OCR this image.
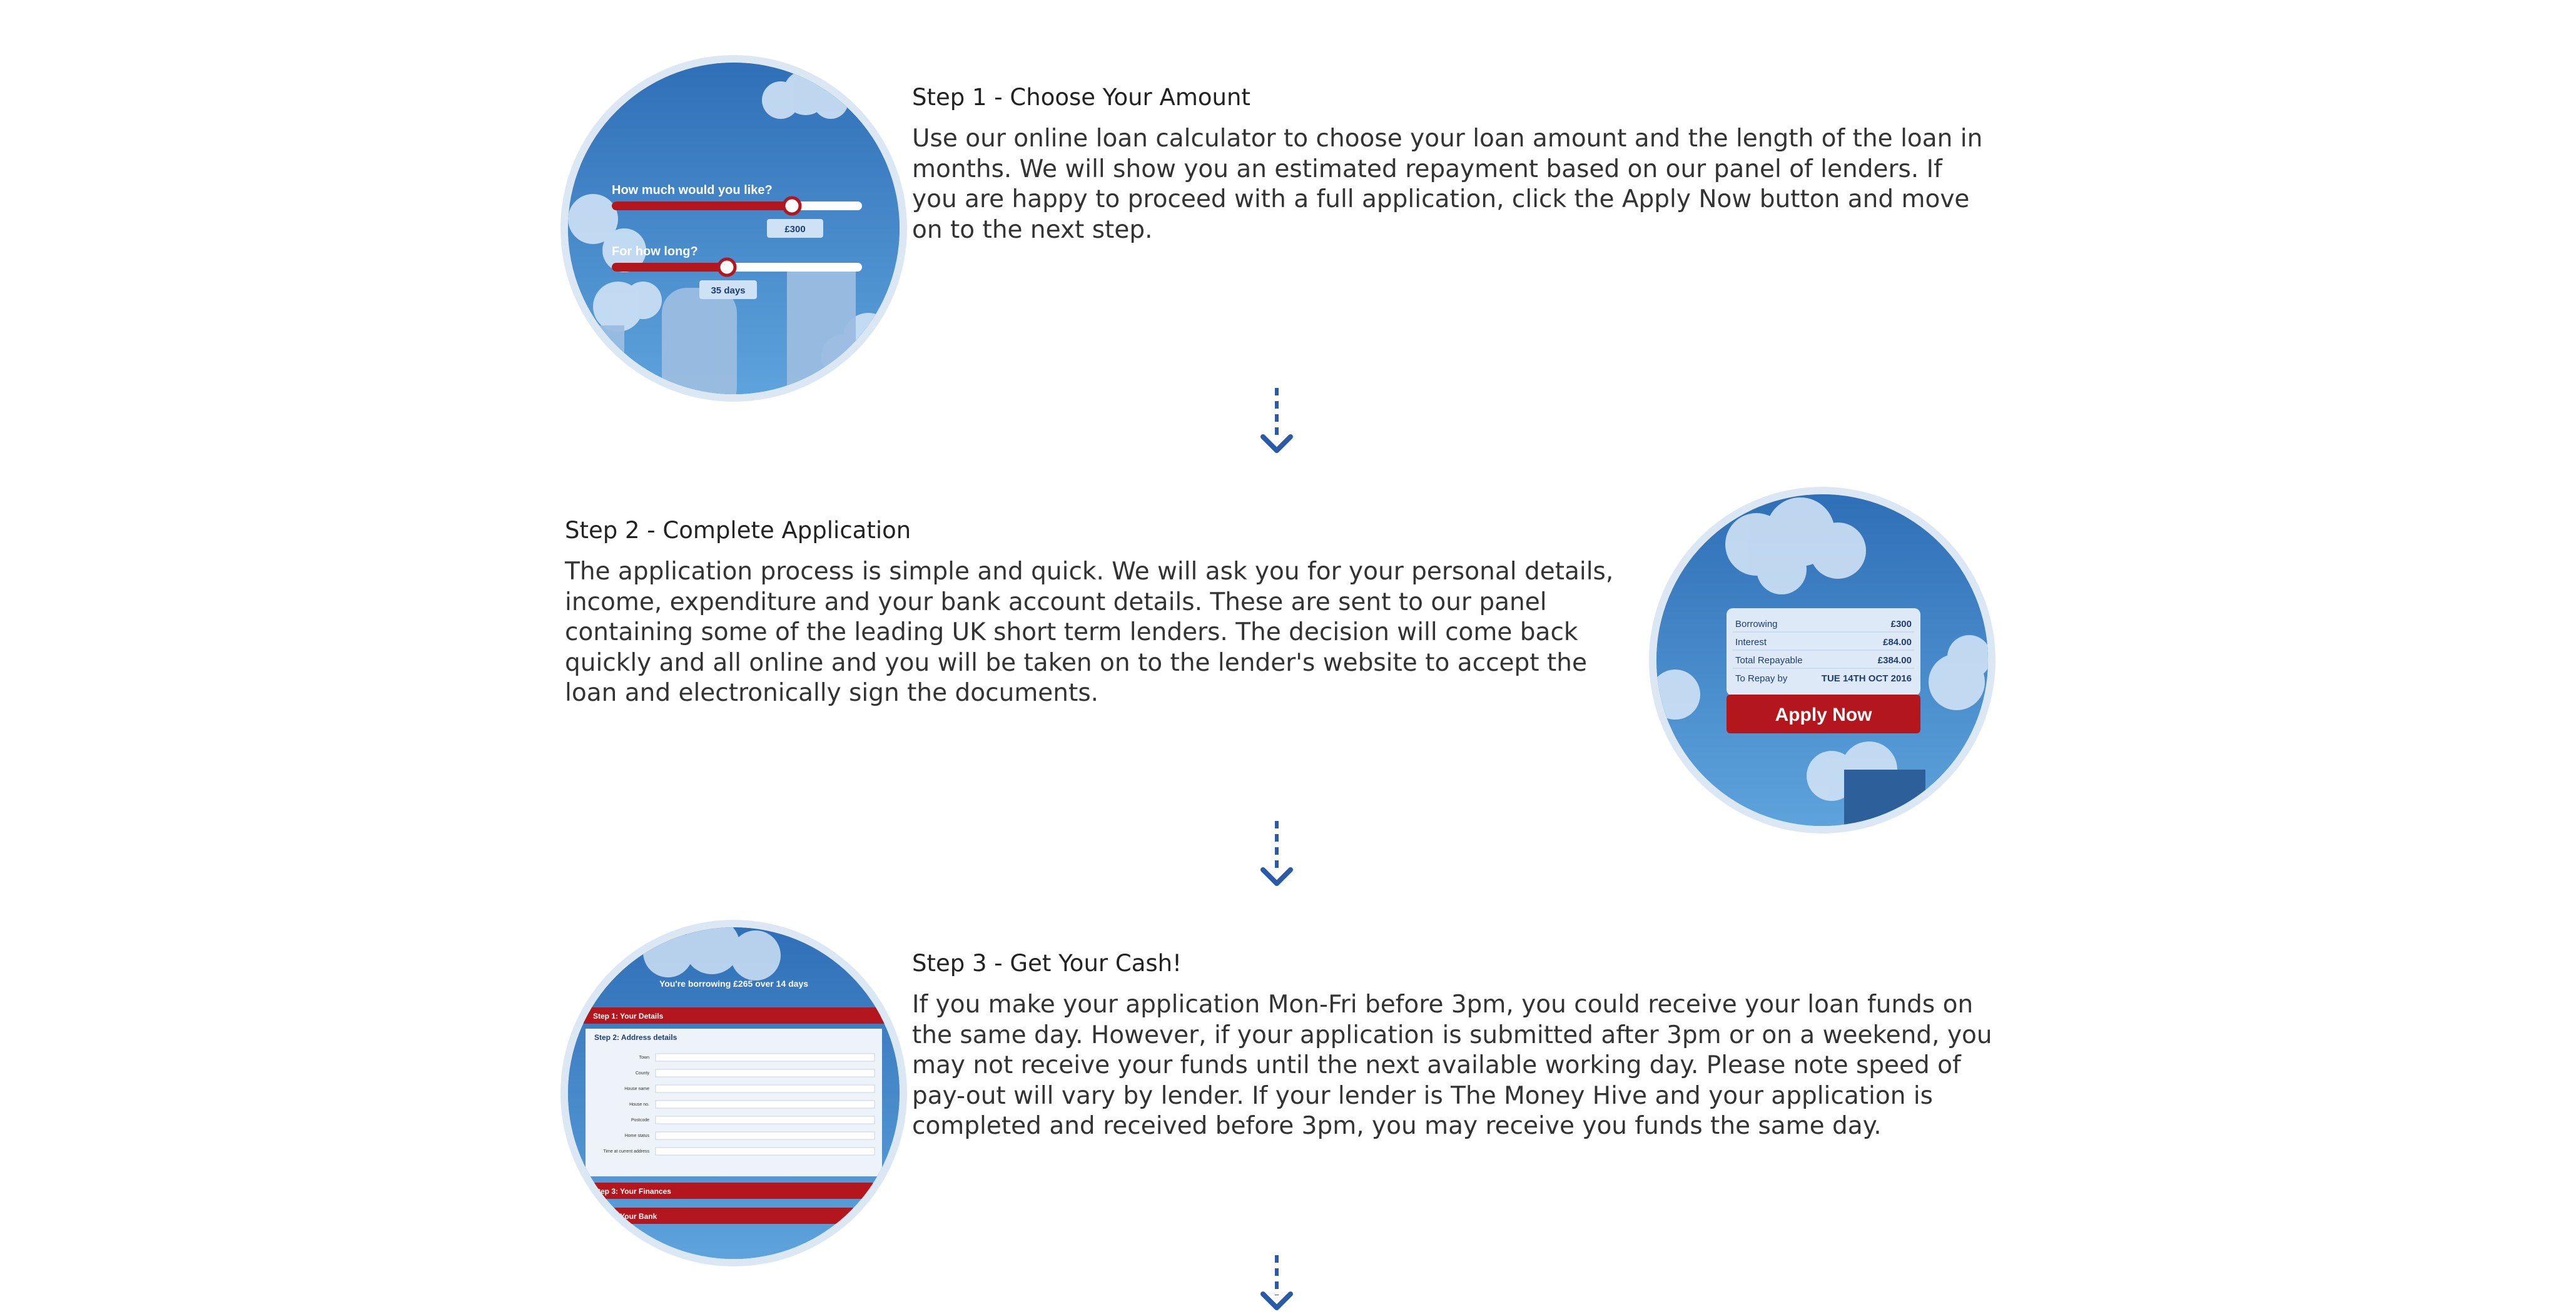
How much would you like?
£300
For how long?
35 days
Step 1 - Choose Your Amount
Use our online loan calculator to choose your loan amount and the length of the loan in months. We will show you an estimated repayment based on our panel of lenders. If you are happy to proceed with a full application, click the Apply Now button and move on to the next step.
Step 2 - Complete Application
The application process is simple and quick. We will ask you for your personal details, income, expenditure and your bank account details. These are sent to our panel containing some of the leading UK short term lenders. The decision will come back quickly and all online and you will be taken on to the lender's website to accept the loan and electronically sign the documents.
Borrowing	£300
Interest	£84.00
Total Repayable	£384.00
To Repay by	TUE 14TH OCT 2016
Apply Now
You're borrowing £265 over 14 days
Step 1: Your Details
Step 2: Address details
Town
County
House name
House no.
Postcode
Home status
Time at current address
Step 3: Your Finances
Step 4: Your Bank
Step 3 - Get Your Cash!
If you make your application Mon-Fri before 3pm, you could receive your loan funds on the same day. However, if your application is submitted after 3pm or on a weekend, you may not receive your funds until the next available working day. Please note speed of pay-out will vary by lender. If your lender is The Money Hive and your application is completed and received before 3pm, you may receive you funds the same day.
